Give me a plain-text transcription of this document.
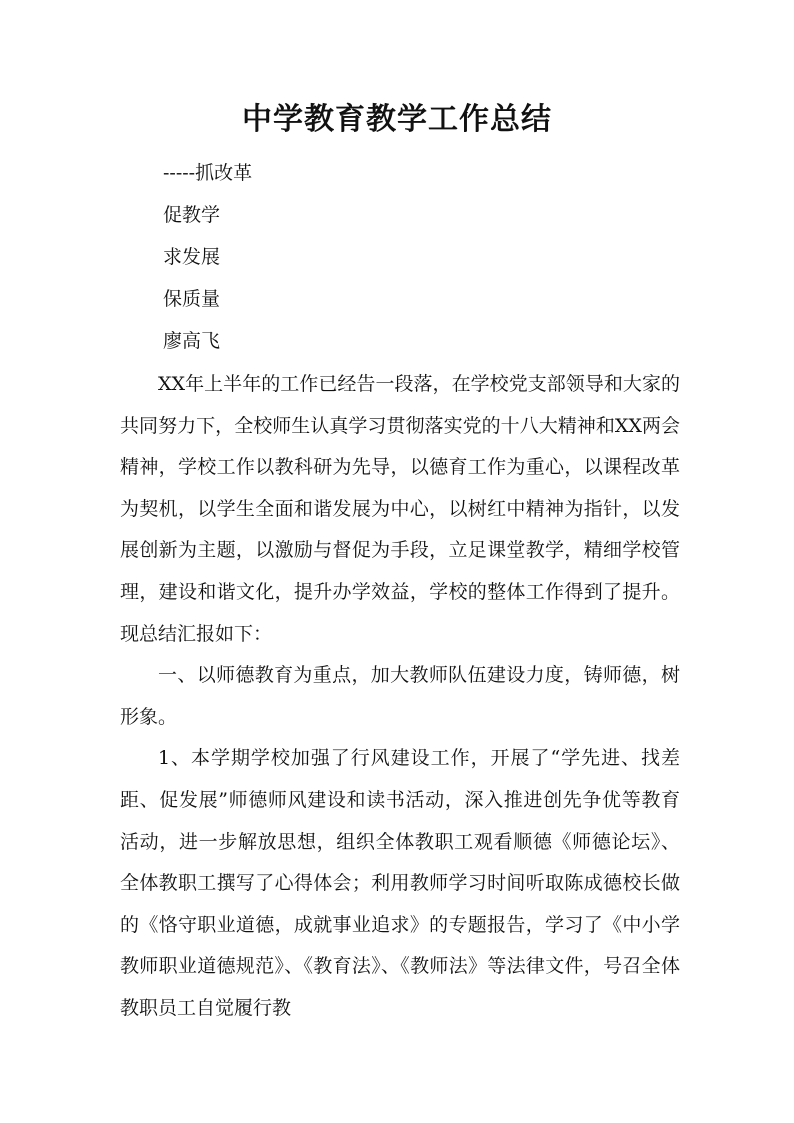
中学教育教学工作总结
-----抓改革
促教学
求发展
保质量
廖高飞

XX年上半年的工作已经告一段落，在学校党支部领导和大家的共同努力下，全校师生认真学习贯彻落实党的十八大精神和XX两会精神，学校工作以教科研为先导，以德育工作为重心，以课程改革为契机，以学生全面和谐发展为中心，以树红中精神为指针，以发展创新为主题，以激励与督促为手段，立足课堂教学，精细学校管理，建设和谐文化，提升办学效益，学校的整体工作得到了提升。现总结汇报如下：

一、以师德教育为重点，加大教师队伍建设力度，铸师德，树形象。

1、本学期学校加强了行风建设工作，开展了“学先进、找差距、促发展”师德师风建设和读书活动，深入推进创先争优等教育活动，进一步解放思想，组织全体教职工观看顺德《师德论坛》、全体教职工撰写了心得体会；利用教师学习时间听取陈成德校长做的《恪守职业道德，成就事业追求》的专题报告，学习了《中小学教师职业道德规范》、《教育法》、《教师法》等法律文件，号召全体教职员工自觉履行教
